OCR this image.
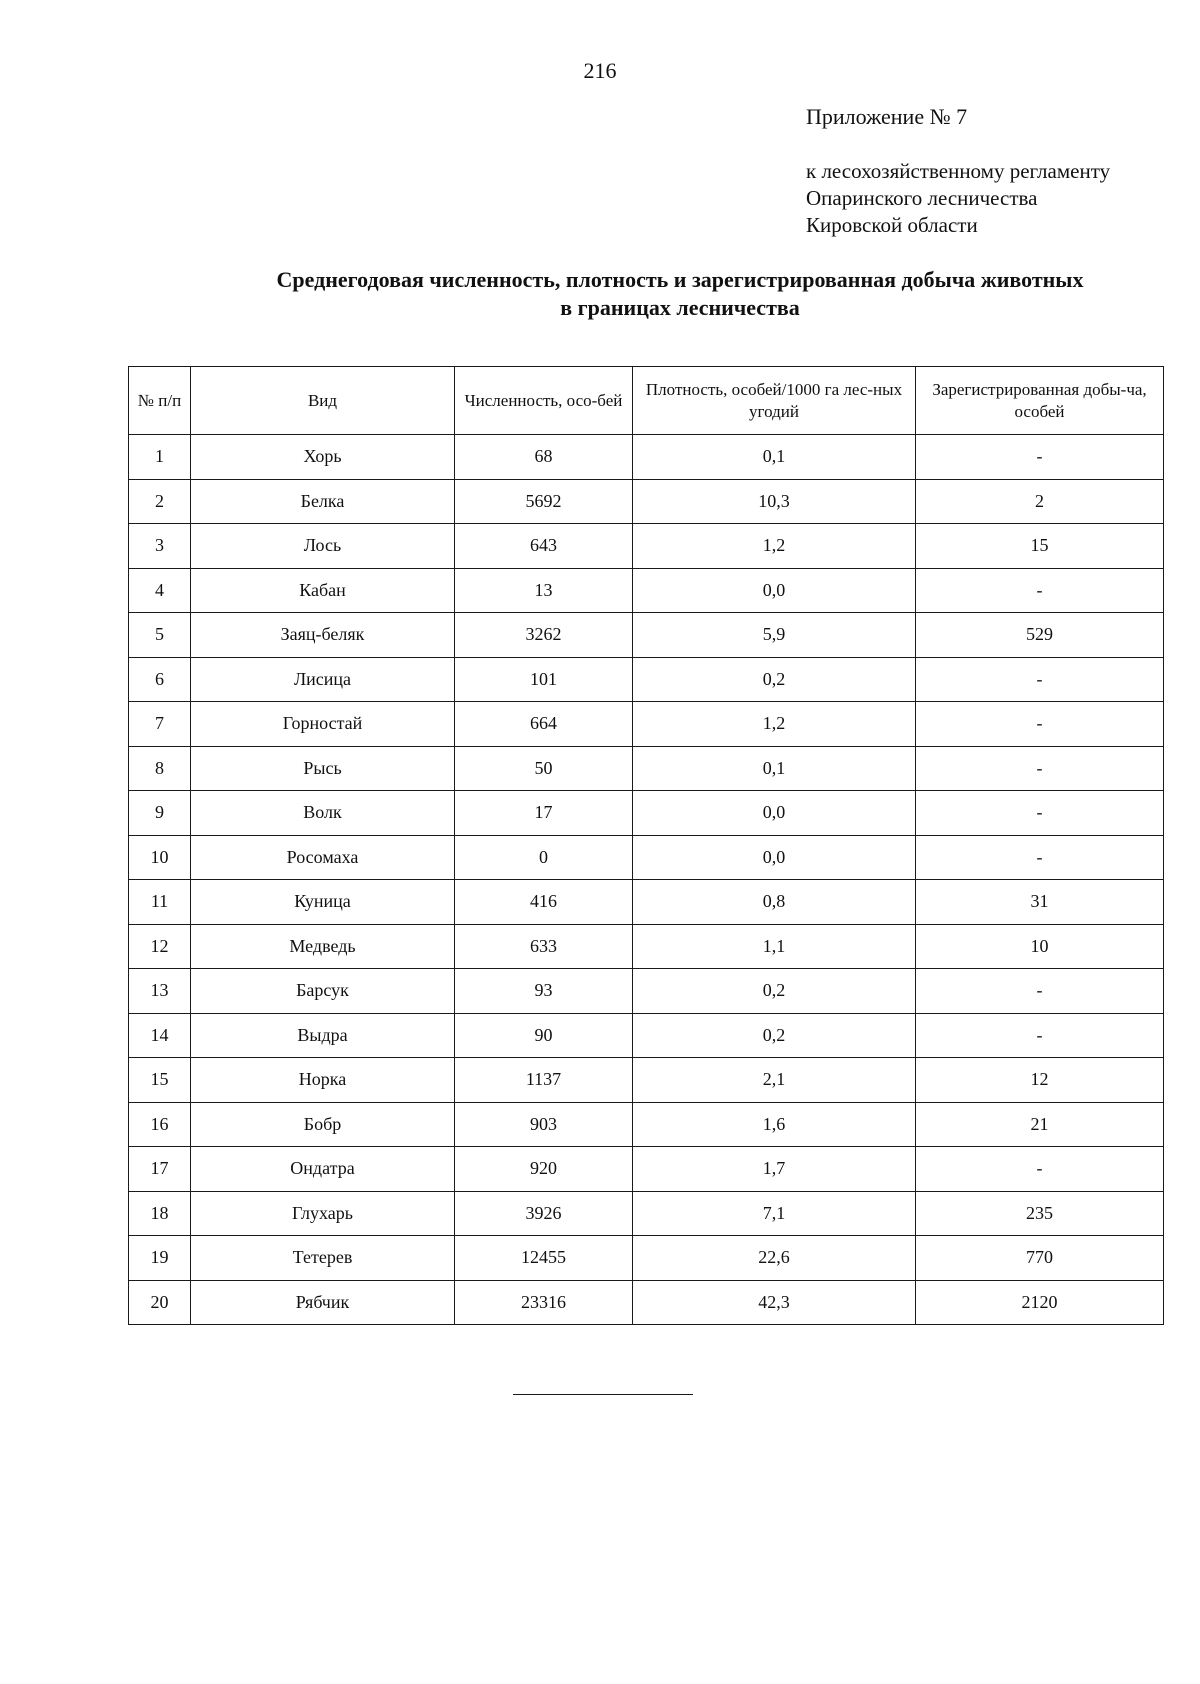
216
Приложение № 7
к лесохозяйственному регламенту
Опаринского лесничества
Кировской области
Среднегодовая численность, плотность и зарегистрированная добыча животных
в границах лесничества
№ п/п	Вид	Численность, осо-бей	Плотность, особей/1000 га лес-ных угодий	Зарегистрированная добы-ча, особей
1	Хорь	68	0,1	-
2	Белка	5692	10,3	2
3	Лось	643	1,2	15
4	Кабан	13	0,0	-
5	Заяц-беляк	3262	5,9	529
6	Лисица	101	0,2	-
7	Горностай	664	1,2	-
8	Рысь	50	0,1	-
9	Волк	17	0,0	-
10	Росомаха	0	0,0	-
11	Куница	416	0,8	31
12	Медведь	633	1,1	10
13	Барсук	93	0,2	-
14	Выдра	90	0,2	-
15	Норка	1137	2,1	12
16	Бобр	903	1,6	21
17	Ондатра	920	1,7	-
18	Глухарь	3926	7,1	235
19	Тетерев	12455	22,6	770
20	Рябчик	23316	42,3	2120
